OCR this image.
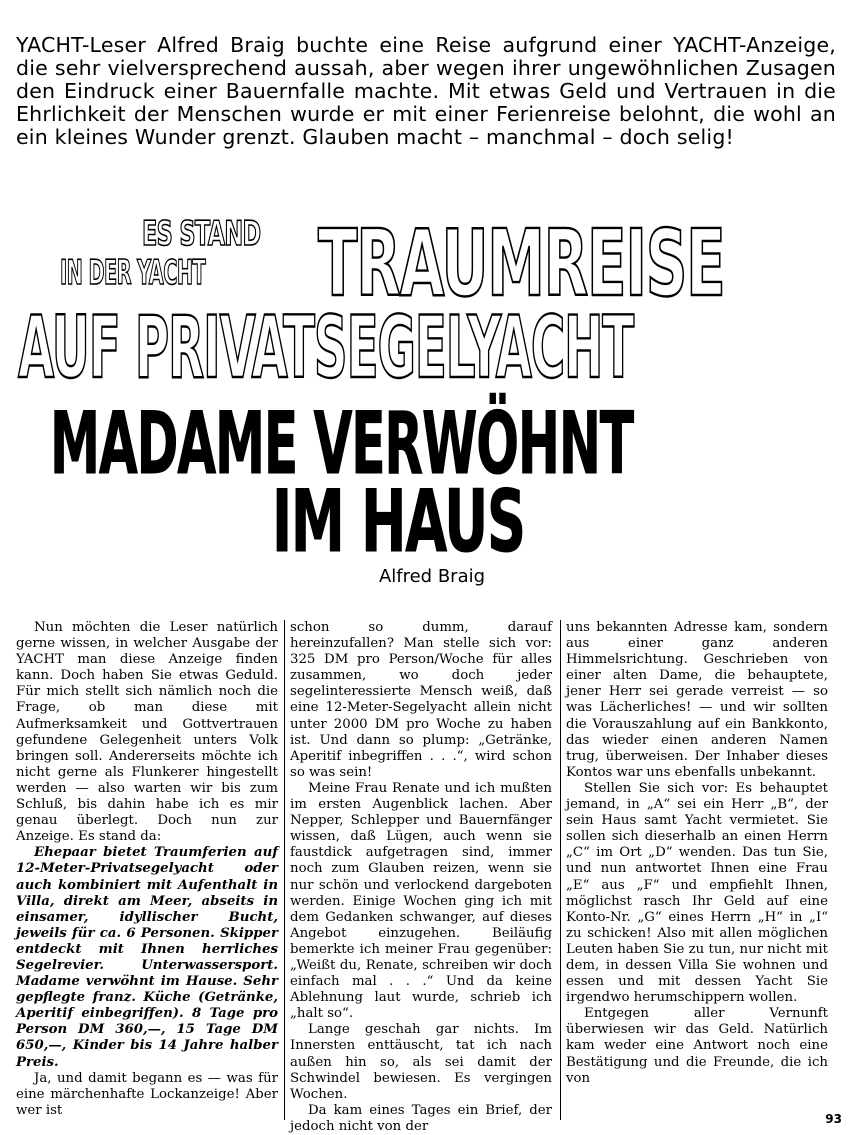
YACHT-Leser Alfred Braig buchte eine Reise aufgrund einer YACHT-Anzeige, die sehr vielversprechend aussah, aber wegen ihrer ungewöhnlichen Zusagen den Eindruck einer Bauernfalle machte. Mit etwas Geld und Vertrauen in die Ehrlichkeit der Menschen wurde er mit einer Ferienreise belohnt, die wohl an ein kleines Wunder grenzt. Glauben macht – manchmal – doch selig!
ES STAND
IN DER YACHT TRAUMREISE
AUF PRIVATSEGELYACHT
MADAME VERWÖHNT
IM HAUS
Alfred Braig

Nun möchten die Leser natürlich gerne wissen, in welcher Ausgabe der YACHT man diese Anzeige finden kann. Doch haben Sie etwas Geduld. Für mich stellt sich nämlich noch die Frage, ob man diese mit Aufmerksamkeit und Gottvertrauen gefundene Gelegenheit unters Volk bringen soll. Andererseits möchte ich nicht gerne als Flunkerer hingestellt werden — also warten wir bis zum Schluß, bis dahin habe ich es mir genau überlegt. Doch nun zur Anzeige. Es stand da:

Ehepaar bietet Traumferien auf 12-Meter-Privatsegelyacht oder auch kombiniert mit Aufenthalt in Villa, direkt am Meer, abseits in einsamer, idyllischer Bucht, jeweils für ca. 6 Personen. Skipper entdeckt mit Ihnen herrliches Segelrevier. Unterwassersport. Madame verwöhnt im Hause. Sehr gepflegte franz. Küche (Getränke, Aperitif einbegriffen). 8 Tage pro Person DM 360,—, 15 Tage DM 650,—, Kinder bis 14 Jahre halber Preis.

Ja, und damit begann es — was für eine märchenhafte Lockanzeige! Aber wer ist

schon so dumm, darauf hereinzufallen? Man stelle sich vor: 325 DM pro Person/Woche für alles zusammen, wo doch jeder segelinteressierte Mensch weiß, daß eine 12-Meter-Segelyacht allein nicht unter 2000 DM pro Woche zu haben ist. Und dann so plump: „Getränke, Aperitif inbegriffen . . .“, wird schon so was sein!

Meine Frau Renate und ich mußten im ersten Augenblick lachen. Aber Nepper, Schlepper und Bauernfänger wissen, daß Lügen, auch wenn sie faustdick aufgetragen sind, immer noch zum Glauben reizen, wenn sie nur schön und verlockend dargeboten werden. Einige Wochen ging ich mit dem Gedanken schwanger, auf dieses Angebot einzugehen. Beiläufig bemerkte ich meiner Frau gegenüber: „Weißt du, Renate, schreiben wir doch einfach mal . . .“ Und da keine Ablehnung laut wurde, schrieb ich „halt so“.

Lange geschah gar nichts. Im Innersten enttäuscht, tat ich nach außen hin so, als sei damit der Schwindel bewiesen. Es vergingen Wochen.

Da kam eines Tages ein Brief, der jedoch nicht von der

uns bekannten Adresse kam, sondern aus einer ganz anderen Himmelsrichtung. Geschrieben von einer alten Dame, die behauptete, jener Herr sei gerade verreist — so was Lächerliches! — und wir sollten die Vorauszahlung auf ein Bankkonto, das wieder einen anderen Namen trug, überweisen. Der Inhaber dieses Kontos war uns ebenfalls unbekannt.

Stellen Sie sich vor: Es behauptet jemand, in „A“ sei ein Herr „B“, der sein Haus samt Yacht vermietet. Sie sollen sich dieserhalb an einen Herrn „C“ im Ort „D“ wenden. Das tun Sie, und nun antwortet Ihnen eine Frau „E“ aus „F“ und empfiehlt Ihnen, möglichst rasch Ihr Geld auf eine Konto-Nr. „G“ eines Herrn „H“ in „I“ zu schicken! Also mit allen möglichen Leuten haben Sie zu tun, nur nicht mit dem, in dessen Villa Sie wohnen und essen und mit dessen Yacht Sie irgendwo herumschippern wollen.

Entgegen aller Vernunft überwiesen wir das Geld. Natürlich kam weder eine Antwort noch eine Bestätigung und die Freunde, die ich von

93
